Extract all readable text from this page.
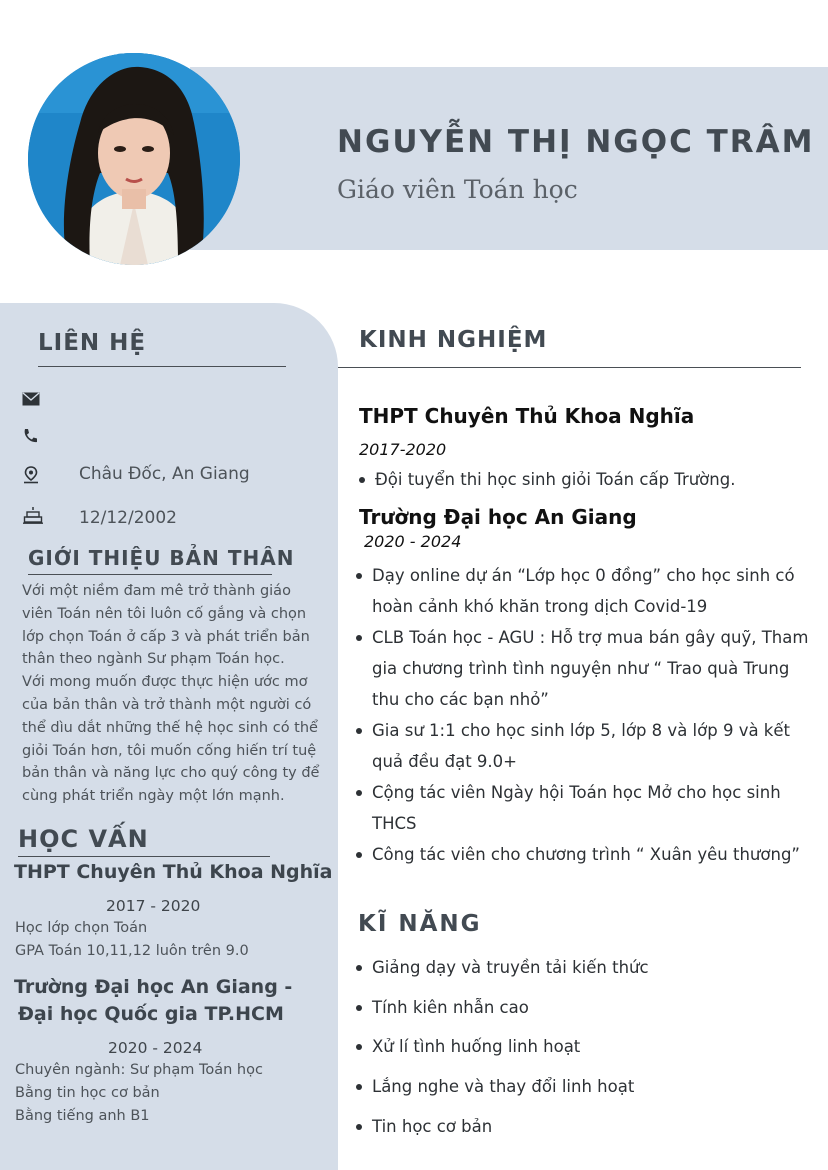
NGUYỄN THỊ NGỌC TRÂM
Giáo viên Toán học
LIÊN HỆ
Châu Đốc, An Giang
12/12/2002
GIỚI THIỆU BẢN THÂN

Với một niềm đam mê trở thành giáo viên Toán nên tôi luôn cố gắng và chọn lớp chọn Toán ở cấp 3 và phát triển bản thân theo ngành Sư phạm Toán học.

Với mong muốn được thực hiện ước mơ của bản thân và trở thành một người có thể dìu dắt những thế hệ học sinh có thể giỏi Toán hơn, tôi muốn cống hiến trí tuệ bản thân và năng lực cho quý công ty để cùng phát triển ngày một lớn mạnh.

HỌC VẤN
THPT Chuyên Thủ Khoa Nghĩa
2017 - 2020
Học lớp chọn Toán
GPA Toán 10,11,12 luôn trên 9.0
Trường Đại học An Giang -
Đại học Quốc gia TP.HCM
2020 - 2024
Chuyên ngành: Sư phạm Toán học
Bằng tin học cơ bản
Bằng tiếng anh B1
KINH NGHIỆM
THPT Chuyên Thủ Khoa Nghĩa
2017-2020
Đội tuyển thi học sinh giỏi Toán cấp Trường.
Trường Đại học An Giang
2020 - 2024
Dạy online dự án “Lớp học 0 đồng” cho học sinh có hoàn cảnh khó khăn trong dịch Covid-19
CLB Toán học - AGU : Hỗ trợ mua bán gây quỹ, Tham gia chương trình tình nguyện như “ Trao quà Trung thu cho các bạn nhỏ”
Gia sư 1:1 cho học sinh lớp 5, lớp 8 và lớp 9 và kết quả đều đạt 9.0+
Cộng tác viên Ngày hội Toán học Mở cho học sinh THCS
Công tác viên cho chương trình “ Xuân yêu thương”
KĨ NĂNG
Giảng dạy và truyền tải kiến thức
Tính kiên nhẫn cao
Xử lí tình huống linh hoạt
Lắng nghe và thay đổi linh hoạt
Tin học cơ bản
